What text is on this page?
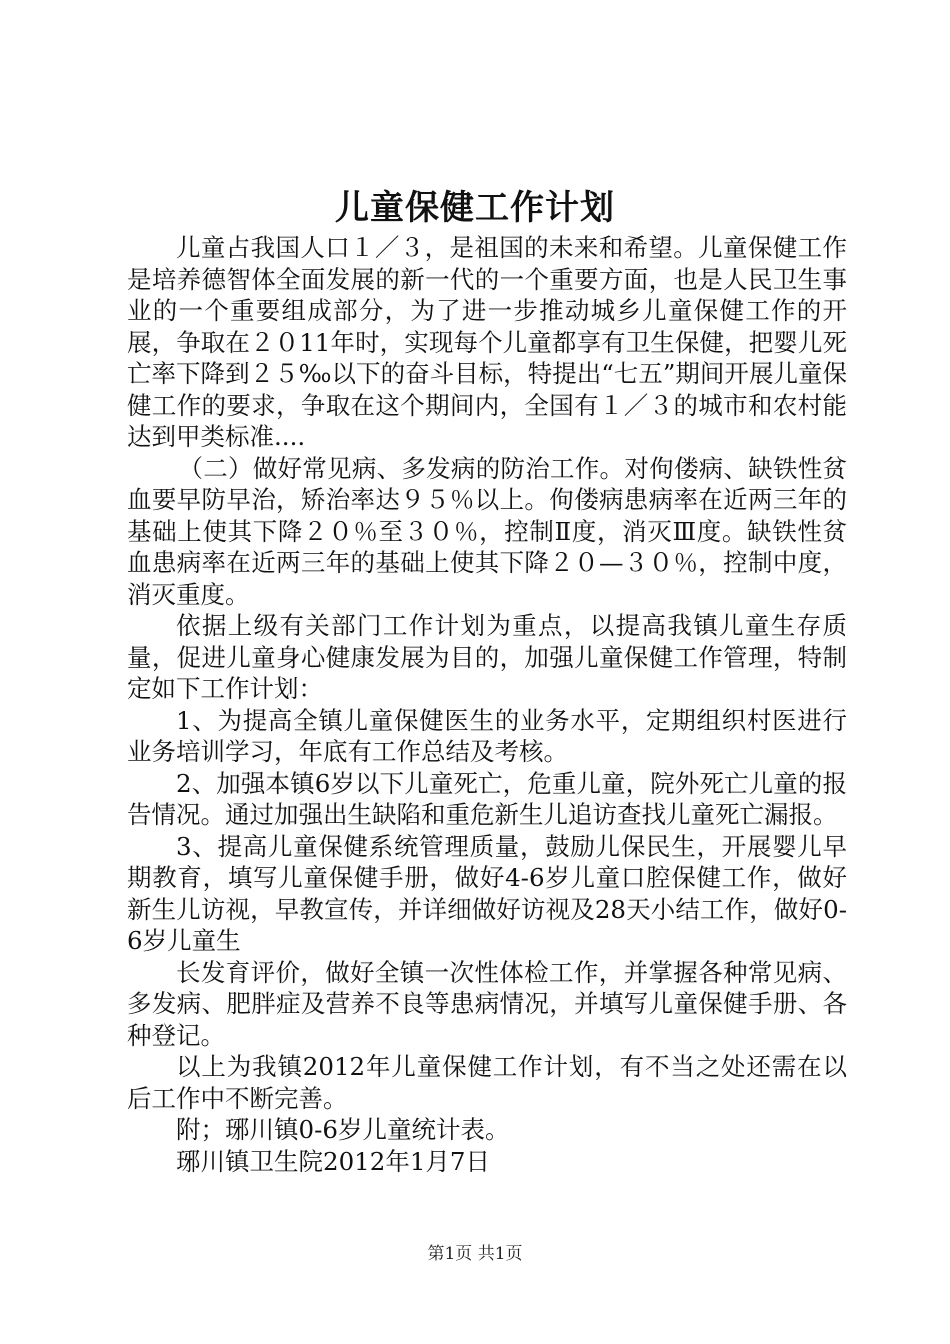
儿童保健工作计划

儿童占我国人口１／３，是祖国的未来和希望。儿童保健工作是培养德智体全面发展的新一代的一个重要方面，也是人民卫生事业的一个重要组成部分，为了进一步推动城乡儿童保健工作的开展，争取在２０11年时，实现每个儿童都享有卫生保健，把婴儿死亡率下降到２５‰以下的奋斗目标，特提出“七五”期间开展儿童保健工作的要求，争取在这个期间内，全国有１／３的城市和农村能达到甲类标准....

（二）做好常见病、多发病的防治工作。对佝偻病、缺铁性贫血要早防早治，矫治率达９５％以上。佝偻病患病率在近两三年的基础上使其下降２０％至３０％，控制Ⅱ度，消灭Ⅲ度。缺铁性贫血患病率在近两三年的基础上使其下降２０—３０％，控制中度，消灭重度。

依据上级有关部门工作计划为重点，以提高我镇儿童生存质量，促进儿童身心健康发展为目的，加强儿童保健工作管理，特制定如下工作计划：

1、为提高全镇儿童保健医生的业务水平，定期组织村医进行业务培训学习，年底有工作总结及考核。

2、加强本镇6岁以下儿童死亡，危重儿童，院外死亡儿童的报告情况。通过加强出生缺陷和重危新生儿追访查找儿童死亡漏报。

3、提高儿童保健系统管理质量，鼓励儿保民生，开展婴儿早期教育，填写儿童保健手册，做好4-6岁儿童口腔保健工作，做好新生儿访视，早教宣传，并详细做好访视及28天小结工作，做好0-6岁儿童生

长发育评价，做好全镇一次性体检工作，并掌握各种常见病、多发病、肥胖症及营养不良等患病情况，并填写儿童保健手册、各种登记。

以上为我镇2012年儿童保健工作计划，有不当之处还需在以后工作中不断完善。

附；琊川镇0-6岁儿童统计表。

琊川镇卫生院2012年1月7日

第1页 共1页
